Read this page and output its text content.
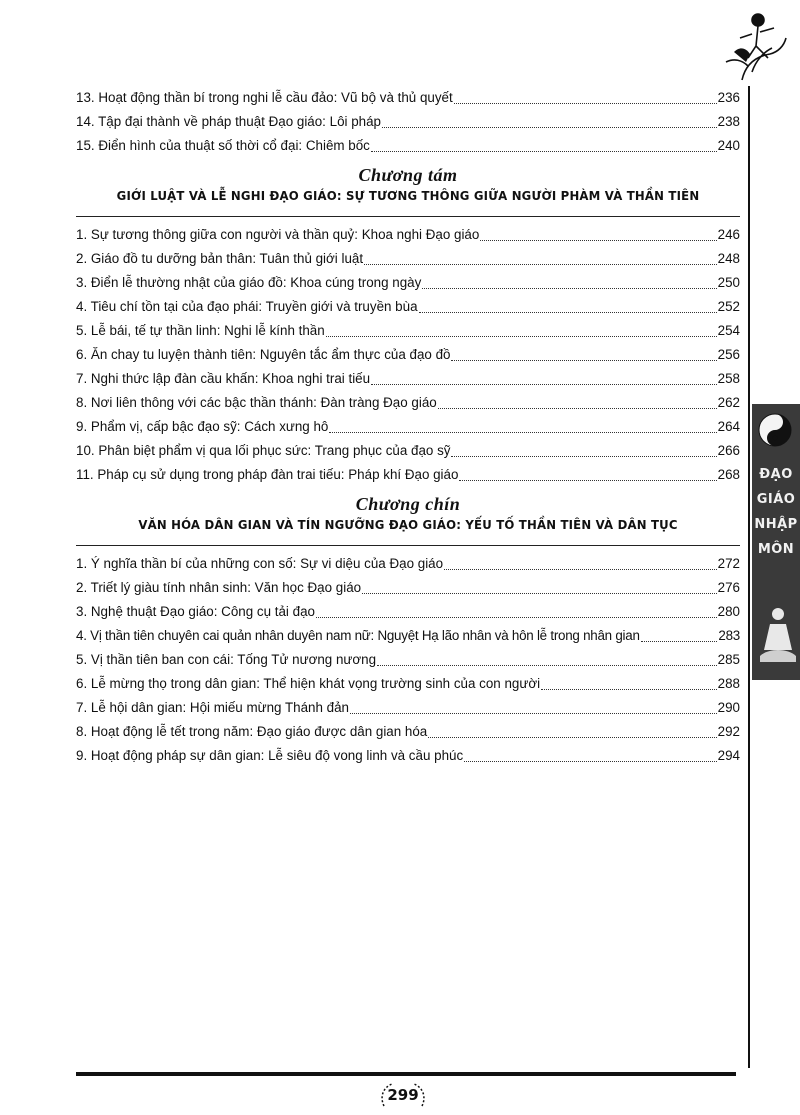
13. Hoạt động thần bí trong nghi lễ cầu đảo: Vũ bộ và thủ quyết	236
14. Tập đại thành về pháp thuật Đạo giáo: Lôi pháp	238
15. Điển hình của thuật số thời cổ đại: Chiêm bốc	240
Chương tám
GIỚI LUẬT VÀ LỄ NGHI ĐẠO GIÁO: SỰ TƯƠNG THÔNG GIỮA NGƯỜI PHÀM VÀ THẦN TIÊN
1. Sự tương thông giữa con người và thần quỷ: Khoa nghi Đạo giáo	246
2. Giáo đồ tu dưỡng bản thân: Tuân thủ giới luật	248
3. Điển lễ thường nhật của giáo đồ: Khoa cúng trong ngày	250
4. Tiêu chí tồn tại của đạo phái: Truyền giới và truyền bùa	252
5. Lễ bái, tế tự thần linh: Nghi lễ kính thần	254
6. Ăn chay tu luyện thành tiên: Nguyên tắc ẩm thực của đạo đồ	256
7. Nghi thức lập đàn cầu khấn: Khoa nghi trai tiếu	258
8. Nơi liên thông với các bậc thần thánh: Đàn tràng Đạo giáo	262
9. Phẩm vị, cấp bậc đạo sỹ: Cách xưng hô	264
10. Phân biệt phẩm vị qua lối phục sức: Trang phục của đạo sỹ	266
11. Pháp cụ sử dụng trong pháp đàn trai tiếu: Pháp khí Đạo giáo	268
Chương chín
VĂN HÓA DÂN GIAN VÀ TÍN NGƯỠNG ĐẠO GIÁO: YẾU TỐ THẦN TIÊN VÀ DÂN TỤC
1. Ý nghĩa thần bí của những con số: Sự vi diệu của Đạo giáo	272
2. Triết lý giàu tính nhân sinh: Văn học Đạo giáo	276
3. Nghệ thuật Đạo giáo: Công cụ tải đạo	280
4. Vị thần tiên chuyên cai quản nhân duyên nam nữ: Nguyệt Hạ lão nhân và hôn lễ trong nhân gian	283
5. Vị thần tiên ban con cái: Tống Tử nương nương	285
6. Lễ mừng thọ trong dân gian: Thể hiện khát vọng trường sinh của con người	288
7. Lễ hội dân gian: Hội miếu mừng Thánh đản	290
8. Hoạt động lễ tết trong năm: Đạo giáo được dân gian hóa	292
9. Hoạt động pháp sự dân gian: Lễ siêu độ vong linh và cầu phúc	294
ĐẠO
GIÁO
NHẬP
MÔN
299
